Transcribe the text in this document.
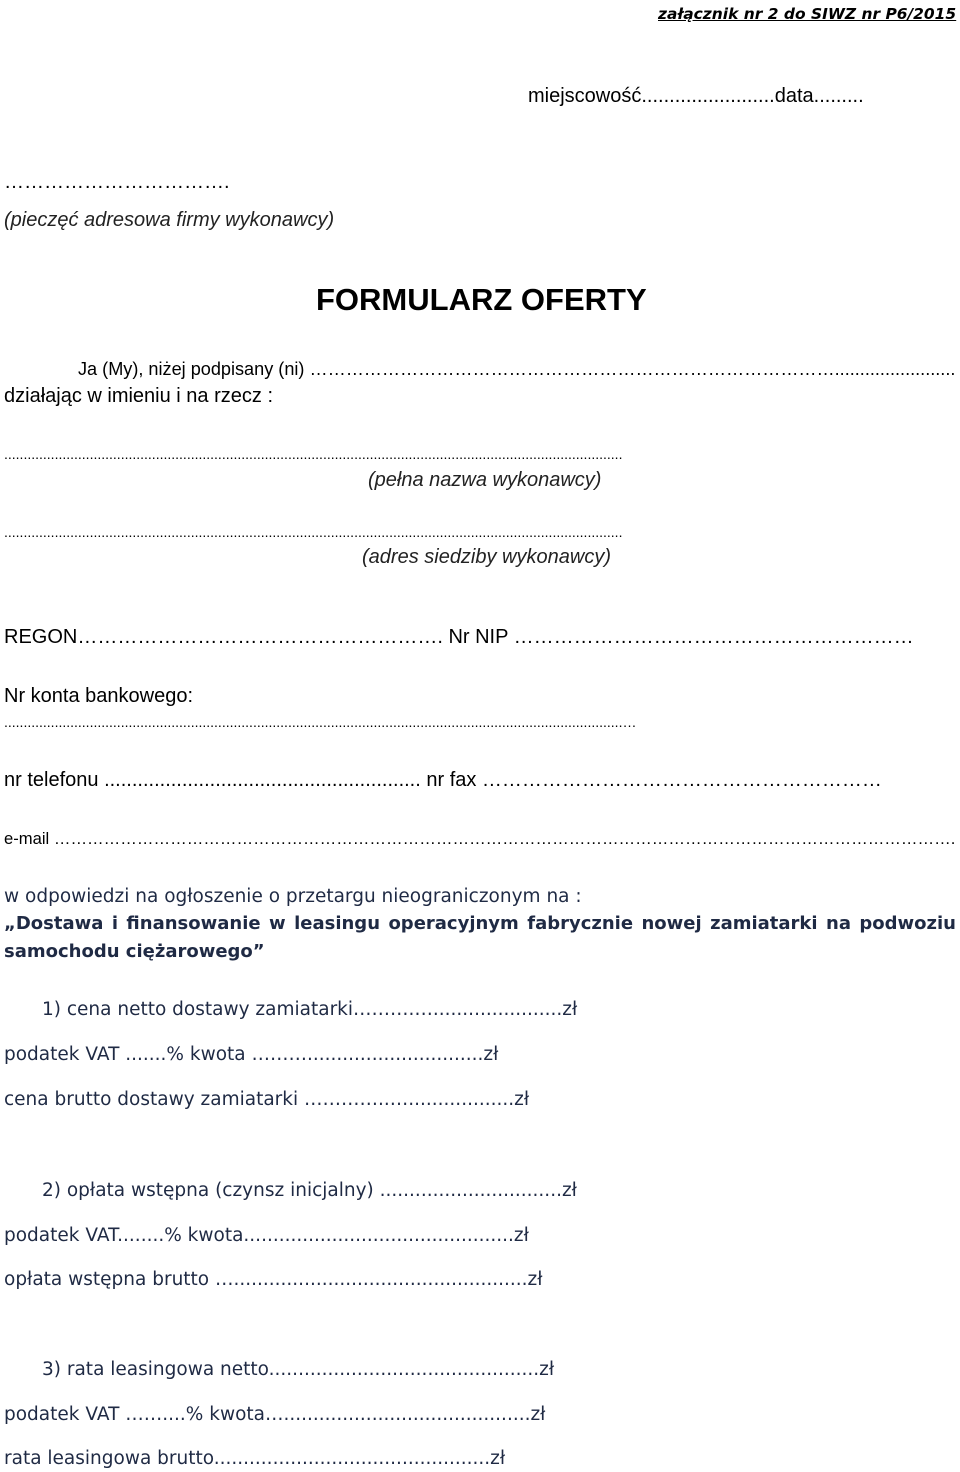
załącznik nr 2 do SIWZ nr P6/2015
miejscowość........................data.........
…………………………….
(pieczęć adresowa firmy wykonawcy)
FORMULARZ OFERTY
Ja (My), niżej podpisany (ni) ……………………………………………………………………………........................
działając w imieniu i na rzecz :
...............................................................................................................................................................
(pełna nazwa wykonawcy)
...............................................................................................................................................................
(adres siedziby wykonawcy)
REGON………………………………………………. Nr NIP ……………………………………………………
Nr konta bankowego:
...............................................................................................................................................................…
nr telefonu ......................................................... nr fax ……………………………………………………
e-mail ……………………………………………………………………………………………………………………………………………….
w odpowiedzi na ogłoszenie o przetargu nieograniczonym na :
„Dostawa i finansowanie w leasingu operacyjnym fabrycznie nowej zamiatarki na podwoziu samochodu ciężarowego”
1) cena netto dostawy zamiatarki……….…......................zł
podatek VAT .......% kwota ………..............................zł
cena brutto dostawy zamiatarki …………..…..................zł
2) opłata wstępna (czynsz inicjalny) ...............................zł
podatek VAT........% kwota..............................................zł
opłata wstępna brutto …..................................................zł
3) rata leasingowa netto..............................................zł
podatek VAT ……....% kwota…..........................................zł
rata leasingowa brutto...............................................zł
